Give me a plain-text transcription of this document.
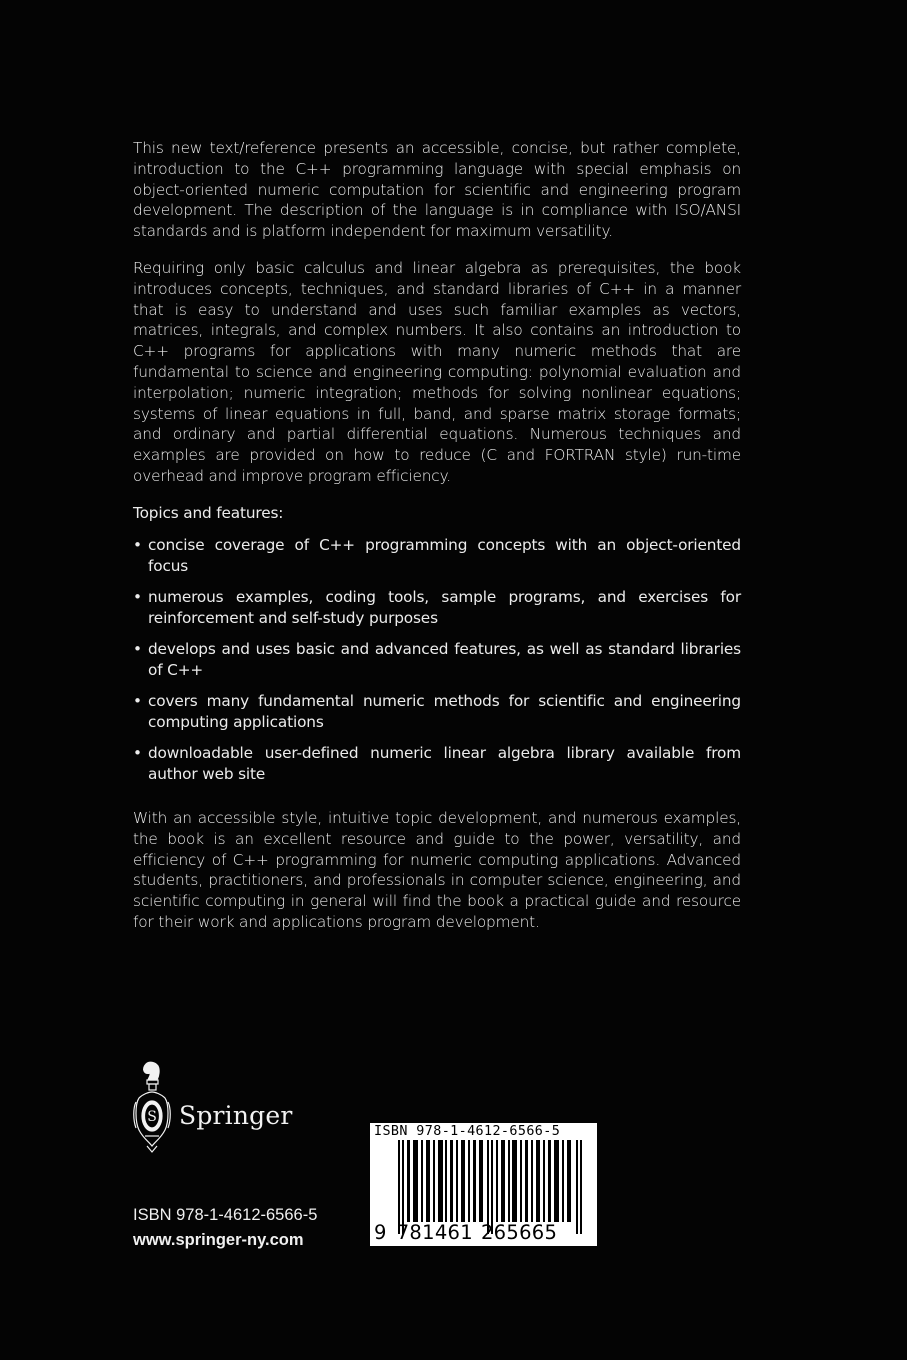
This new text/reference presents an accessible, concise, but rather complete, introduction to the C++ programming language with special emphasis on object-oriented numeric computation for scientific and engineering program development. The description of the language is in compliance with ISO/ANSI standards and is platform independent for maximum versatility.

Requiring only basic calculus and linear algebra as prerequisites, the book introduces concepts, techniques, and standard libraries of C++ in a manner that is easy to understand and uses such familiar examples as vectors, matrices, integrals, and complex numbers. It also contains an introduction to C++ programs for applications with many numeric methods that are fundamental to science and engineering computing: polynomial evaluation and interpolation; numeric integration; methods for solving nonlinear equations; systems of linear equations in full, band, and sparse matrix storage formats; and ordinary and partial differential equations. Numerous techniques and examples are provided on how to reduce (C and FORTRAN style) run-time overhead and improve program efficiency.

Topics and features:
• concise coverage of C++ programming concepts with an object-oriented focus
• numerous examples, coding tools, sample programs, and exercises for reinforcement and self-study purposes
• develops and uses basic and advanced features, as well as standard libraries of C++
• covers many fundamental numeric methods for scientific and engineering computing applications
• downloadable user-defined numeric linear algebra library available from author web site

With an accessible style, intuitive topic development, and numerous examples, the book is an excellent resource and guide to the power, versatility, and efficiency of C++ programming for numeric computing applications. Advanced students, practitioners, and professionals in computer science, engineering, and scientific computing in general will find the book a practical guide and resource for their work and applications program development.

S Springer
ISBN 978-1-4612-6566-5
www.springer-ny.com
ISBN 978-1-4612-6566-5
9 781461 265665
